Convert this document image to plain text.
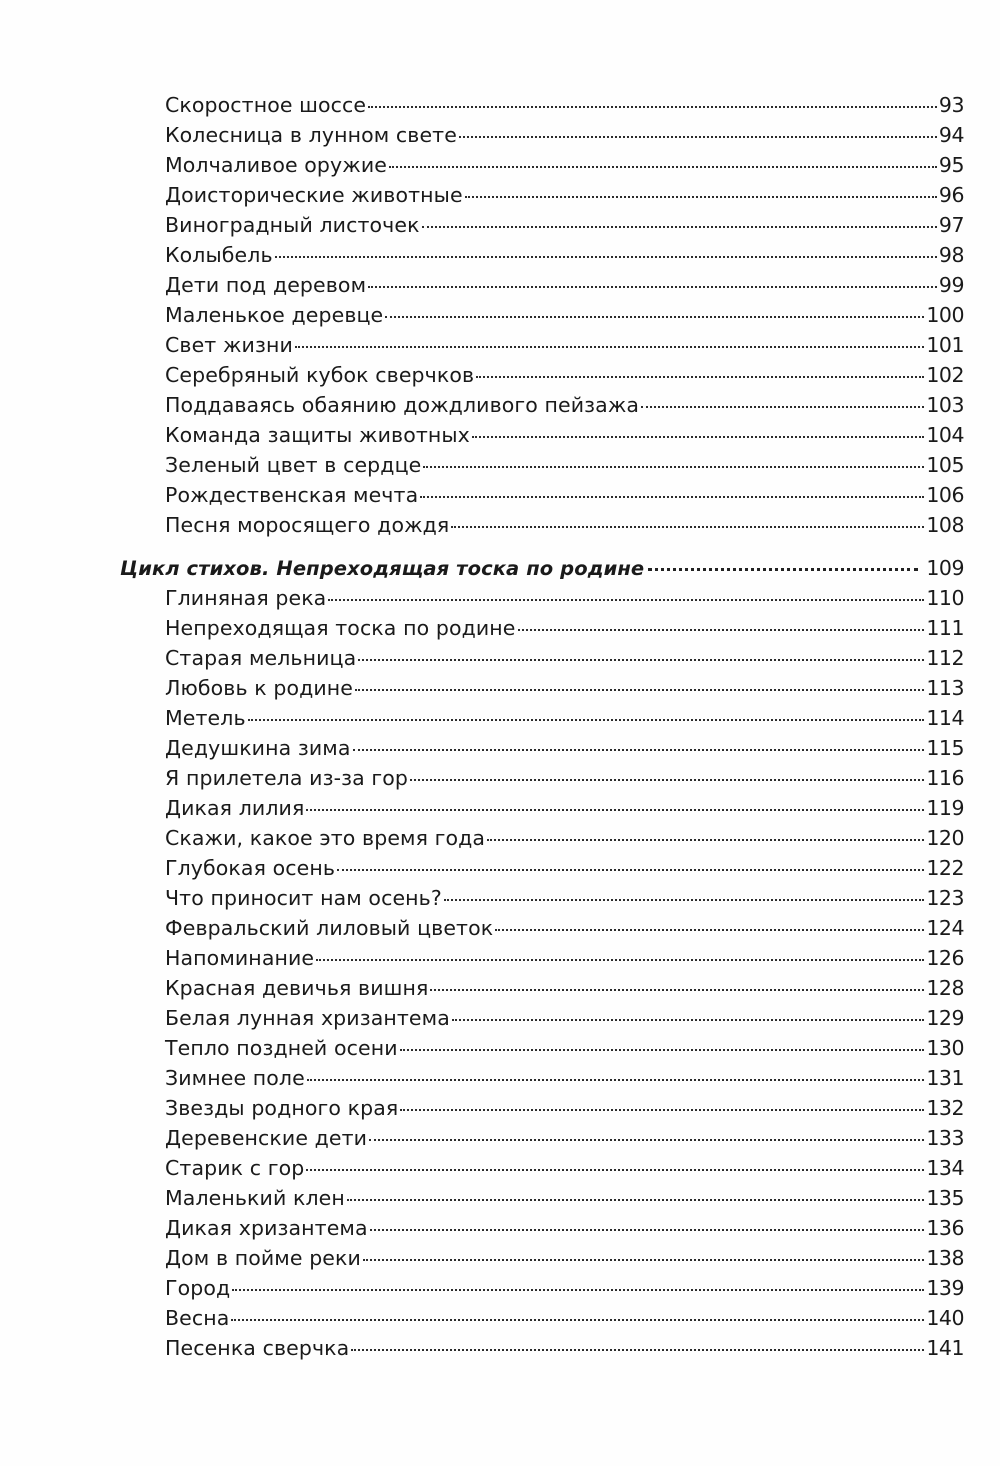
Скоростное шоссе	93
Колесница в лунном свете	94
Молчаливое оружие	95
Доисторические животные	96
Виноградный листочек	97
Колыбель	98
Дети под деревом	99
Маленькое деревце	100
Свет жизни	101
Серебряный кубок сверчков	102
Поддаваясь обаянию дождливого пейзажа	103
Команда защиты животных	104
Зеленый цвет в сердце	105
Рождественская мечта	106
Песня моросящего дождя	108
Цикл стихов. Непреходящая тоска по родине	109
Глиняная река	110
Непреходящая тоска по родине	111
Старая мельница	112
Любовь к родине	113
Метель	114
Дедушкина зима	115
Я прилетела из-за гор	116
Дикая лилия	119
Скажи, какое это время года	120
Глубокая осень	122
Что приносит нам осень?	123
Февральский лиловый цветок	124
Напоминание	126
Красная девичья вишня	128
Белая лунная хризантема	129
Тепло поздней осени	130
Зимнее поле	131
Звезды родного края	132
Деревенские дети	133
Старик с гор	134
Маленький клен	135
Дикая хризантема	136
Дом в пойме реки	138
Город	139
Весна	140
Песенка сверчка	141
